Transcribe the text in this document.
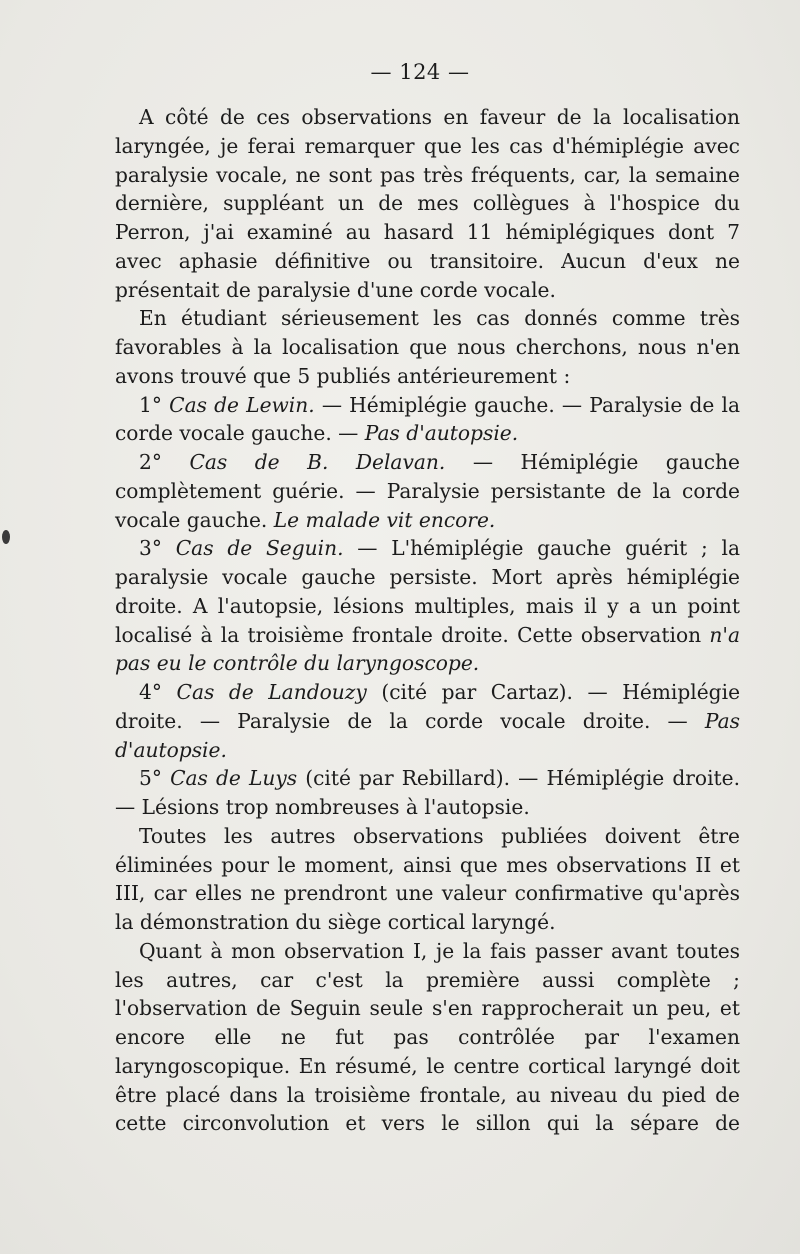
— 124 —

A côté de ces observations en faveur de la localisation laryngée, je ferai remarquer que les cas d'hémiplégie avec paralysie vocale, ne sont pas très fréquents, car, la semaine dernière, suppléant un de mes collègues à l'hospice du Perron, j'ai examiné au hasard 11 hémiplégiques dont 7 avec aphasie définitive ou transitoire. Aucun d'eux ne présentait de paralysie d'une corde vocale.

En étudiant sérieusement les cas donnés comme très favorables à la localisation que nous cherchons, nous n'en avons trouvé que 5 publiés antérieurement :

1° Cas de Lewin. — Hémiplégie gauche. — Paralysie de la corde vocale gauche. — Pas d'autopsie.

2° Cas de B. Delavan. — Hémiplégie gauche complètement guérie. — Paralysie persistante de la corde vocale gauche. Le malade vit encore.

3° Cas de Seguin. — L'hémiplégie gauche guérit ; la paralysie vocale gauche persiste. Mort après hémiplégie droite. A l'autopsie, lésions multiples, mais il y a un point localisé à la troisième frontale droite. Cette observation n'a pas eu le contrôle du laryngoscope.

4° Cas de Landouzy (cité par Cartaz). — Hémiplégie droite. — Paralysie de la corde vocale droite. — Pas d'autopsie.

5° Cas de Luys (cité par Rebillard). — Hémiplégie droite. — Lésions trop nombreuses à l'autopsie.

Toutes les autres observations publiées doivent être éliminées pour le moment, ainsi que mes observations II et III, car elles ne prendront une valeur confirmative qu'après la démonstration du siège cortical laryngé.

Quant à mon observation I, je la fais passer avant toutes les autres, car c'est la première aussi complète ; l'observation de Seguin seule s'en rapprocherait un peu, et encore elle ne fut pas contrôlée par l'examen laryngoscopique. En résumé, le centre cortical laryngé doit être placé dans la troisième frontale, au niveau du pied de cette circonvolution et vers le sillon qui la sépare de
